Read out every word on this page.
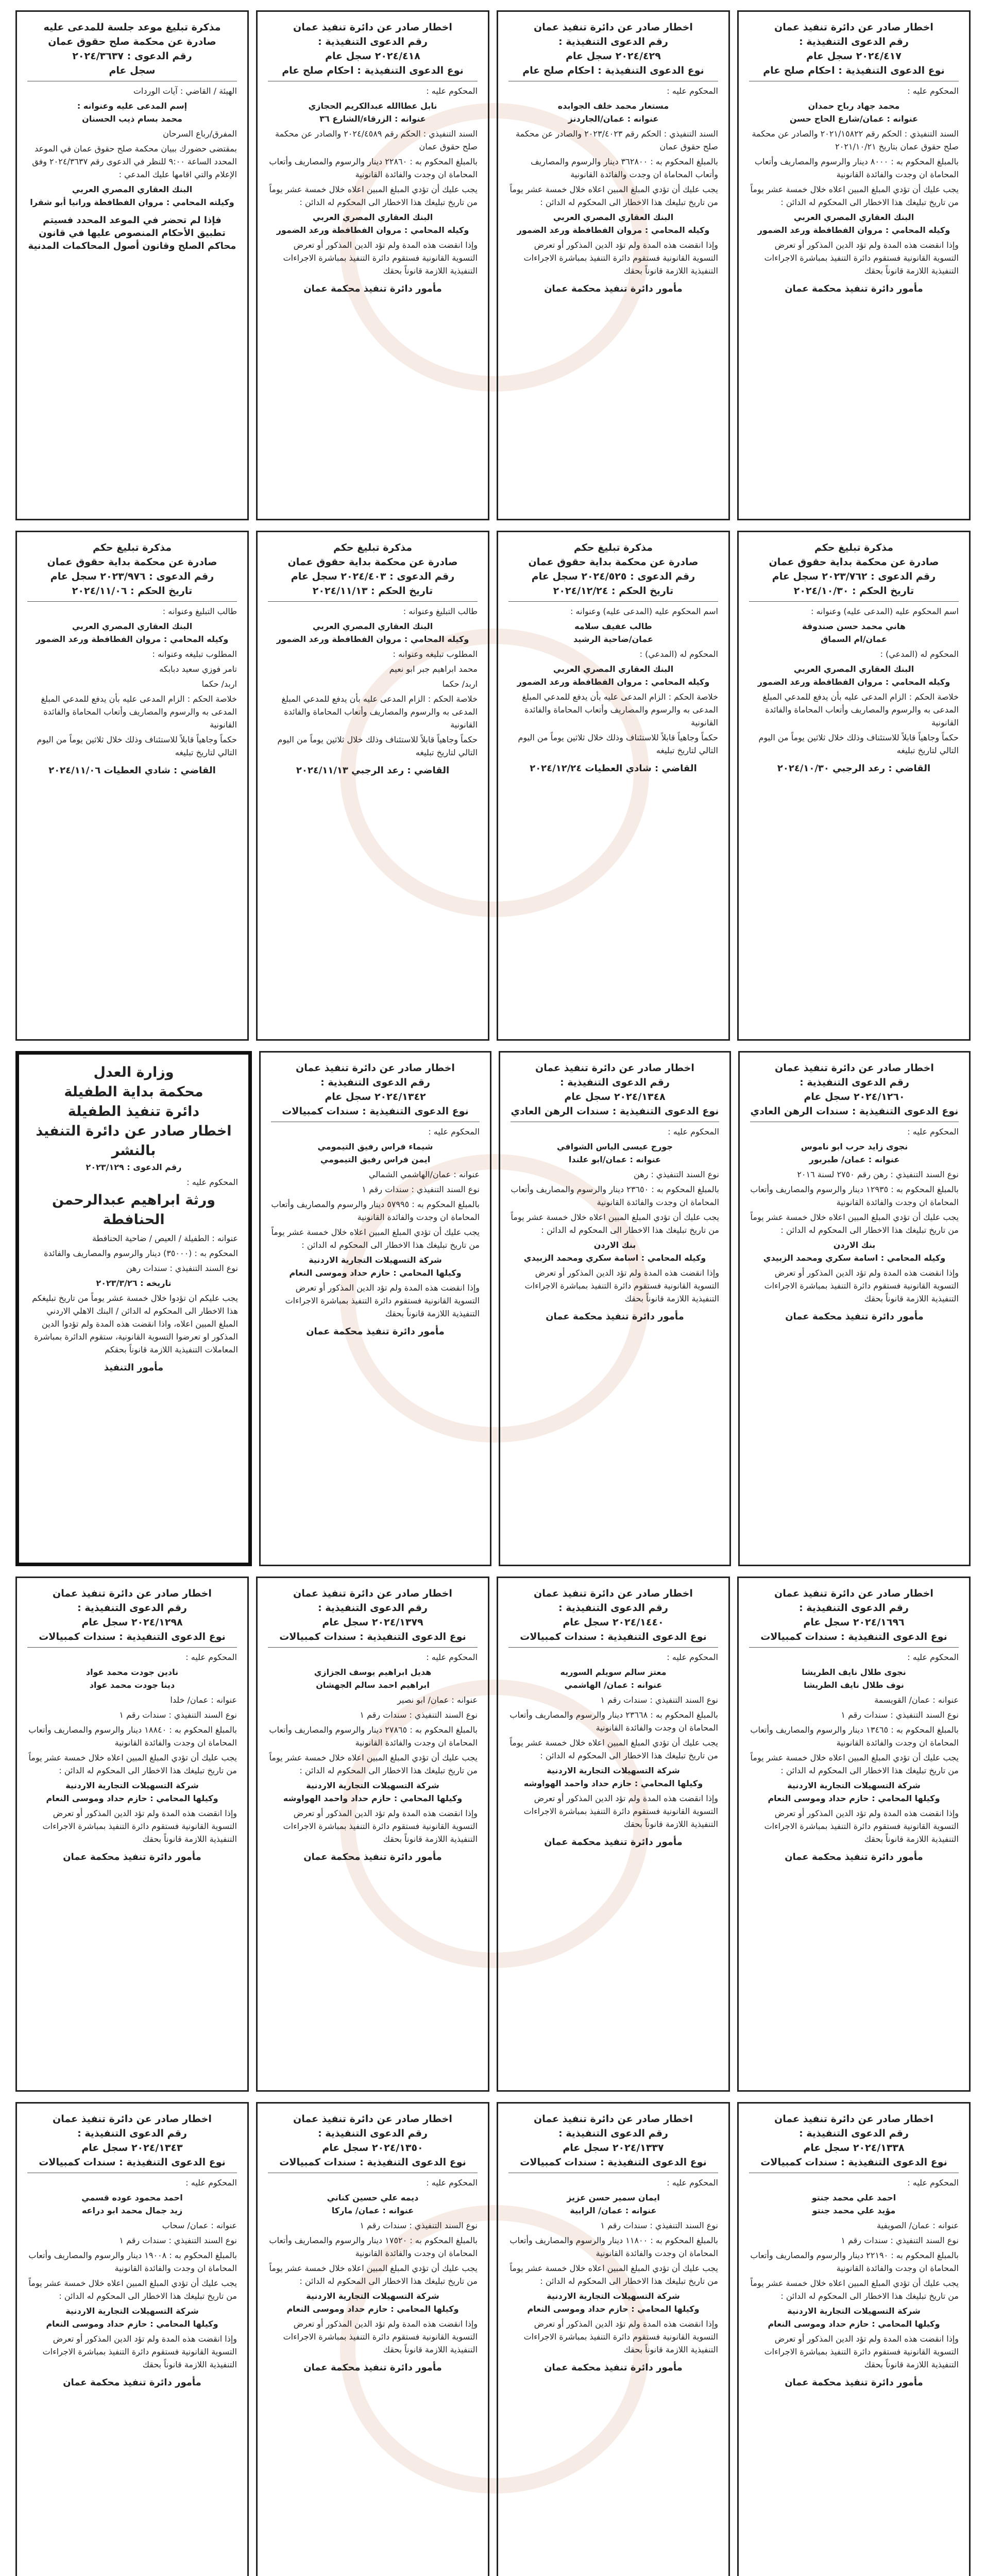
اخطار صادر عن دائرة تنفيذ عمان
رقم الدعوى التنفيذية :
٢٠٢٤/٤١٧ سجل عام
نوع الدعوى التنفيذية : احكام صلح عام
المحكوم عليه :
محمد جهاد رباح حمدان
عنوانه : عمان/شارع الحاج حسن
السند التنفيذي : الحكم رقم ٢٠٢١/١٥٨٢٢ والصادر عن محكمة صلح حقوق عمان بتاريخ ٢٠٢١/١٠/٢١
بالمبلغ المحكوم به : ٨٠٠٠ دينار والرسوم والمصاريف وأتعاب المحاماة ان وجدت والفائدة القانونية
يجب عليك أن تؤدي المبلغ المبين اعلاه خلال خمسة عشر يوماً من تاريخ تبليغك هذا الاخطار الى المحكوم له الدائن :
البنك العقاري المصري العربي
وكيله المحامي : مروان الفطافطة ورعد الضمور
وإذا انقضت هذه المدة ولم تؤد الدين المذكور أو تعرض التسوية القانونية فستقوم دائرة التنفيذ بمباشرة الاجراءات التنفيذية اللازمة قانوناً بحقك
مأمور دائرة تنفيذ محكمة عمان
اخطار صادر عن دائرة تنفيذ عمان
رقم الدعوى التنفيذية :
٢٠٢٤/٤٢٩ سجل عام
نوع الدعوى التنفيذية : احكام صلح عام
المحكوم عليه :
مستعار محمد خلف الجوابده
عنوانه : عمان/الجاردنز
السند التنفيذي : الحكم رقم ٢٠٢٣/٤٠٢٣ والصادر عن محكمة صلح حقوق عمان
بالمبلغ المحكوم به : ٣٦٢٨٠٠ دينار والرسوم والمصاريف وأتعاب المحاماة ان وجدت والفائدة القانونية
يجب عليك أن تؤدي المبلغ المبين اعلاه خلال خمسة عشر يوماً من تاريخ تبليغك هذا الاخطار الى المحكوم له الدائن :
البنك العقاري المصري العربي
وكيله المحامي : مروان الفطافطة ورعد الضمور
وإذا انقضت هذه المدة ولم تؤد الدين المذكور أو تعرض التسوية القانونية فستقوم دائرة التنفيذ بمباشرة الاجراءات التنفيذية اللازمة قانوناً بحقك
مأمور دائرة تنفيذ محكمة عمان
اخطار صادر عن دائرة تنفيذ عمان
رقم الدعوى التنفيذية :
٢٠٢٤/٤١٨ سجل عام
نوع الدعوى التنفيذية : احكام صلح عام
المحكوم عليه :
نابل عطاالله عبدالكريم الحجازي
عنوانه : الزرقاء/الشارع ٣٦
السند التنفيذي : الحكم رقم ٢٠٢٤/٤٥٨٩ والصادر عن محكمة صلح حقوق عمان
بالمبلغ المحكوم به : ٢٢٨٦٠ دينار والرسوم والمصاريف وأتعاب المحاماة ان وجدت والفائدة القانونية
يجب عليك أن تؤدي المبلغ المبين اعلاه خلال خمسة عشر يوماً من تاريخ تبليغك هذا الاخطار الى المحكوم له الدائن :
البنك العقاري المصري العربي
وكيله المحامي : مروان الفطافطة ورعد الضمور
وإذا انقضت هذه المدة ولم تؤد الدين المذكور أو تعرض التسوية القانونية فستقوم دائرة التنفيذ بمباشرة الاجراءات التنفيذية اللازمة قانوناً بحقك
مأمور دائرة تنفيذ محكمة عمان
مذكرة تبليغ موعد جلسة للمدعى عليه
صادرة عن محكمة صلح حقوق عمان
رقم الدعوى : ٢٠٢٤/٣٦٣٧
سجل عام
الهيئة / القاضي : آيات الوردات
إسم المدعى عليه وعنوانه :
محمد بسام ذيب الحسنان
المفرق/رباع السرحان
بمقتضى حضورك ببيان محكمة صلح حقوق عمان في الموعد المحدد الساعة ٩:٠٠ للنظر في الدعوى رقم ٢٠٢٤/٣٦٣٧ وفق الإعلام والتي اقامها عليك المدعي :
البنك العقاري المصري العربي
وكيلته المحامي : مروان الفطافطة ورانيا أبو شقرا
فإذا لم تحضر في الموعد المحدد فسيتم تطبيق الأحكام المنصوص عليها في قانون محاكم الصلح وقانون أصول المحاكمات المدنية
مذكرة تبليغ حكم
صادرة عن محكمة بداية حقوق عمان
رقم الدعوى : ٢٠٢٣/٧٦٢ سجل عام
تاريخ الحكم : ٢٠٢٤/١٠/٣٠
اسم المحكوم عليه (المدعى عليه) وعنوانه :
هاني محمد حسن صندوقة
عمان/ام السماق
المحكوم له (المدعي) :
البنك العقاري المصري العربي
وكيله المحامي : مروان الفطافطة ورعد الضمور
خلاصة الحكم : الزام المدعى عليه بأن يدفع للمدعي المبلغ المدعى به والرسوم والمصاريف وأتعاب المحاماة والفائدة القانونية
حكماً وجاهياً قابلاً للاستئناف وذلك خلال ثلاثين يوماً من اليوم التالي لتاريخ تبليغه
القاضي : رعد الرجبي ٢٠٢٤/١٠/٣٠
مذكرة تبليغ حكم
صادرة عن محكمة بداية حقوق عمان
رقم الدعوى : ٢٠٢٤/٥٢٥ سجل عام
تاريخ الحكم : ٢٠٢٤/١٢/٢٤
اسم المحكوم عليه (المدعى عليه) وعنوانه :
طالب عفيف سلامه
عمان/ضاحية الرشيد
المحكوم له (المدعي) :
البنك العقاري المصري العربي
وكيله المحامي : مروان الفطافطة ورعد الضمور
خلاصة الحكم : الزام المدعى عليه بأن يدفع للمدعي المبلغ المدعى به والرسوم والمصاريف وأتعاب المحاماة والفائدة القانونية
حكماً وجاهياً قابلاً للاستئناف وذلك خلال ثلاثين يوماً من اليوم التالي لتاريخ تبليغه
القاضي : شادي العطيات ٢٠٢٤/١٢/٢٤
مذكرة تبليغ حكم
صادرة عن محكمة بداية حقوق عمان
رقم الدعوى : ٢٠٢٤/٤٠٣ سجل عام
تاريخ الحكم : ٢٠٢٤/١١/١٣
طالب التبليغ وعنوانه :
البنك العقاري المصري العربي
وكيله المحامي : مروان الفطافطة ورعد الضمور
المطلوب تبليغه وعنوانه :
محمد ابراهيم جبر ابو نعيم
اربد/ حكما
خلاصة الحكم : الزام المدعى عليه بأن يدفع للمدعي المبلغ المدعى به والرسوم والمصاريف وأتعاب المحاماة والفائدة القانونية
حكماً وجاهياً قابلاً للاستئناف وذلك خلال ثلاثين يوماً من اليوم التالي لتاريخ تبليغه
القاضي : رعد الرجبي ٢٠٢٤/١١/١٣
مذكرة تبليغ حكم
صادرة عن محكمة بداية حقوق عمان
رقم الدعوى : ٢٠٢٣/٩٧٦ سجل عام
تاريخ الحكم : ٢٠٢٤/١١/٠٦
طالب التبليغ وعنوانه :
البنك العقاري المصري العربي
وكيله المحامي : مروان الفطافطة ورعد الضمور
المطلوب تبليغه وعنوانه :
تامر فوزي سعيد دبابكه
اربد/ حكما
خلاصة الحكم : الزام المدعى عليه بأن يدفع للمدعي المبلغ المدعى به والرسوم والمصاريف وأتعاب المحاماة والفائدة القانونية
حكماً وجاهياً قابلاً للاستئناف وذلك خلال ثلاثين يوماً من اليوم التالي لتاريخ تبليغه
القاضي : شادي العطيات ٢٠٢٤/١١/٠٦
اخطار صادر عن دائرة تنفيذ عمان
رقم الدعوى التنفيذية :
٢٠٢٤/١٢٦٠ سجل عام
نوع الدعوى التنفيذية : سندات الرهن العادي
المحكوم عليه :
نجوى زايد حرب ابو ناموس
عنوانه : عمان/ طبربور
نوع السند التنفيذي : رهن رقم ٢٧٥٠ لسنة ٢٠١٦
بالمبلغ المحكوم به : ١٢٩٣٥ دينار والرسوم والمصاريف وأتعاب المحاماة ان وجدت والفائدة القانونية
يجب عليك أن تؤدي المبلغ المبين اعلاه خلال خمسة عشر يوماً من تاريخ تبليغك هذا الاخطار الى المحكوم له الدائن :
بنك الاردن
وكيله المحامي : اسامة سكري ومحمد الزبيدي
وإذا انقضت هذه المدة ولم تؤد الدين المذكور أو تعرض التسوية القانونية فستقوم دائرة التنفيذ بمباشرة الاجراءات التنفيذية اللازمة قانوناً بحقك
مأمور دائرة تنفيذ محكمة عمان
اخطار صادر عن دائرة تنفيذ عمان
رقم الدعوى التنفيذية :
٢٠٢٤/١٣٤٨ سجل عام
نوع الدعوى التنفيذية : سندات الرهن العادي
المحكوم عليه :
جورج عيسى الياس الشوافي
عنوانه : عمان/ابو علندا
نوع السند التنفيذي : رهن
بالمبلغ المحكوم به : ٢٣٦٥٠ دينار والرسوم والمصاريف وأتعاب المحاماة ان وجدت والفائدة القانونية
يجب عليك أن تؤدي المبلغ المبين اعلاه خلال خمسة عشر يوماً من تاريخ تبليغك هذا الاخطار الى المحكوم له الدائن :
بنك الاردن
وكيله المحامي : اسامة سكري ومحمد الزبيدي
وإذا انقضت هذه المدة ولم تؤد الدين المذكور أو تعرض التسوية القانونية فستقوم دائرة التنفيذ بمباشرة الاجراءات التنفيذية اللازمة قانوناً بحقك
مأمور دائرة تنفيذ محكمة عمان
اخطار صادر عن دائرة تنفيذ عمان
رقم الدعوى التنفيذية :
٢٠٢٤/١٣٤٢ سجل عام
نوع الدعوى التنفيذية : سندات كمبيالات
المحكوم عليه :
شيماء فراس رفيق التيمومي
ايمن فراس رفيق التيمومي
عنوانه : عمان/الهاشمي الشمالي
نوع السند التنفيذي : سندات رقم ١
بالمبلغ المحكوم به : ٥٧٩٩٥ دينار والرسوم والمصاريف وأتعاب المحاماة ان وجدت والفائدة القانونية
يجب عليك أن تؤدي المبلغ المبين اعلاه خلال خمسة عشر يوماً من تاريخ تبليغك هذا الاخطار الى المحكوم له الدائن :
شركة التسهيلات التجارية الاردنية
وكيلها المحامي : حازم حداد وموسى النعام
وإذا انقضت هذه المدة ولم تؤد الدين المذكور أو تعرض التسوية القانونية فستقوم دائرة التنفيذ بمباشرة الاجراءات التنفيذية اللازمة قانوناً بحقك
مأمور دائرة تنفيذ محكمة عمان
وزارة العدل
محكمة بداية الطفيلة
دائرة تنفيذ الطفيلة
اخطار صادر عن دائرة التنفيذ بالنشر
رقم الدعوى : ٢٠٢٣/١٢٩
المحكوم عليه :
ورثة ابراهيم عبدالرحمن الحنافطة
عنوانه : الطفيلة / العيص / ضاحية الحنافطة
المحكوم به : (٣٥٠٠٠) دينار والرسوم والمصاريف والفائدة
نوع السند التنفيذي : سندات رهن
تاريخه : ٢٠٢٣/٣/٢٦
يجب عليكم ان تؤدوا خلال خمسة عشر يوماً من تاريخ تبليغكم هذا الاخطار الى المحكوم له الدائن / البنك الاهلي الاردني المبلغ المبين اعلاه، واذا انقضت هذه المدة ولم تؤدوا الدين المذكور او تعرضوا التسوية القانونية، ستقوم الدائرة بمباشرة المعاملات التنفيذية اللازمة قانوناً بحقكم
مأمور التنفيذ
اخطار صادر عن دائرة تنفيذ عمان
رقم الدعوى التنفيذية :
٢٠٢٤/١٦٩٦ سجل عام
نوع الدعوى التنفيذية : سندات كمبيالات
المحكوم عليه :
نجوى طلال نايف الطريشا
نوف طلال نايف الطريشا
عنوانه : عمان/ القويسمة
نوع السند التنفيذي : سندات رقم ١
بالمبلغ المحكوم به : ١٣٤٦٥ دينار والرسوم والمصاريف وأتعاب المحاماة ان وجدت والفائدة القانونية
يجب عليك أن تؤدي المبلغ المبين اعلاه خلال خمسة عشر يوماً من تاريخ تبليغك هذا الاخطار الى المحكوم له الدائن :
شركة التسهيلات التجارية الاردنية
وكيلها المحامي : حازم حداد وموسى النعام
وإذا انقضت هذه المدة ولم تؤد الدين المذكور أو تعرض التسوية القانونية فستقوم دائرة التنفيذ بمباشرة الاجراءات التنفيذية اللازمة قانوناً بحقك
مأمور دائرة تنفيذ محكمة عمان
اخطار صادر عن دائرة تنفيذ عمان
رقم الدعوى التنفيذية :
٢٠٢٤/١٤٤٠ سجل عام
نوع الدعوى التنفيذية : سندات كمبيالات
المحكوم عليه :
معتز سالم سويلم السوريه
عنوانه : عمان/ الهاشمي
نوع السند التنفيذي : سندات رقم ١
بالمبلغ المحكوم به : ٢٣٦٦٨ دينار والرسوم والمصاريف وأتعاب المحاماة ان وجدت والفائدة القانونية
يجب عليك أن تؤدي المبلغ المبين اعلاه خلال خمسة عشر يوماً من تاريخ تبليغك هذا الاخطار الى المحكوم له الدائن :
شركة التسهيلات التجارية الاردنية
وكيلها المحامي : حازم حداد واحمد الهواوشه
وإذا انقضت هذه المدة ولم تؤد الدين المذكور أو تعرض التسوية القانونية فستقوم دائرة التنفيذ بمباشرة الاجراءات التنفيذية اللازمة قانوناً بحقك
مأمور دائرة تنفيذ محكمة عمان
اخطار صادر عن دائرة تنفيذ عمان
رقم الدعوى التنفيذية :
٢٠٢٤/١٣٧٩ سجل عام
نوع الدعوى التنفيذية : سندات كمبيالات
المحكوم عليه :
هديل ابراهيم يوسف الجزازي
ابراهيم احمد سالم الجهشان
عنوانه : عمان/ ابو نصير
نوع السند التنفيذي : سندات رقم ١
بالمبلغ المحكوم به : ٢٧٨٦٥ دينار والرسوم والمصاريف وأتعاب المحاماة ان وجدت والفائدة القانونية
يجب عليك أن تؤدي المبلغ المبين اعلاه خلال خمسة عشر يوماً من تاريخ تبليغك هذا الاخطار الى المحكوم له الدائن :
شركة التسهيلات التجارية الاردنية
وكيلها المحامي : حازم حداد واحمد الهواوشه
وإذا انقضت هذه المدة ولم تؤد الدين المذكور أو تعرض التسوية القانونية فستقوم دائرة التنفيذ بمباشرة الاجراءات التنفيذية اللازمة قانوناً بحقك
مأمور دائرة تنفيذ محكمة عمان
اخطار صادر عن دائرة تنفيذ عمان
رقم الدعوى التنفيذية :
٢٠٢٤/١٢٩٨ سجل عام
نوع الدعوى التنفيذية : سندات كمبيالات
المحكوم عليه :
نادين جودت محمد عواد
دينا جودت محمد عواد
عنوانه : عمان/ خلدا
نوع السند التنفيذي : سندات رقم ١
بالمبلغ المحكوم به : ١٨٨٤٠ دينار والرسوم والمصاريف وأتعاب المحاماة ان وجدت والفائدة القانونية
يجب عليك أن تؤدي المبلغ المبين اعلاه خلال خمسة عشر يوماً من تاريخ تبليغك هذا الاخطار الى المحكوم له الدائن :
شركة التسهيلات التجارية الاردنية
وكيلها المحامي : حازم حداد وموسى النعام
وإذا انقضت هذه المدة ولم تؤد الدين المذكور أو تعرض التسوية القانونية فستقوم دائرة التنفيذ بمباشرة الاجراءات التنفيذية اللازمة قانوناً بحقك
مأمور دائرة تنفيذ محكمة عمان
اخطار صادر عن دائرة تنفيذ عمان
رقم الدعوى التنفيذية :
٢٠٢٤/١٣٣٨ سجل عام
نوع الدعوى التنفيذية : سندات كمبيالات
المحكوم عليه :
احمد علي محمد جنتو
مؤيد علي محمد جنتو
عنوانه : عمان/ الصويفية
نوع السند التنفيذي : سندات رقم ١
بالمبلغ المحكوم به : ٢٢١٩٠ دينار والرسوم والمصاريف وأتعاب المحاماة ان وجدت والفائدة القانونية
يجب عليك أن تؤدي المبلغ المبين اعلاه خلال خمسة عشر يوماً من تاريخ تبليغك هذا الاخطار الى المحكوم له الدائن :
شركة التسهيلات التجارية الاردنية
وكيلها المحامي : حازم حداد وموسى النعام
وإذا انقضت هذه المدة ولم تؤد الدين المذكور أو تعرض التسوية القانونية فستقوم دائرة التنفيذ بمباشرة الاجراءات التنفيذية اللازمة قانوناً بحقك
مأمور دائرة تنفيذ محكمة عمان
اخطار صادر عن دائرة تنفيذ عمان
رقم الدعوى التنفيذية :
٢٠٢٤/١٣٣٧ سجل عام
نوع الدعوى التنفيذية : سندات كمبيالات
المحكوم عليه :
ايمان سمير حسن عزيز
عنوانه : عمان/ الرابية
نوع السند التنفيذي : سندات رقم ١
بالمبلغ المحكوم به : ١١٨٠٠ دينار والرسوم والمصاريف وأتعاب المحاماة ان وجدت والفائدة القانونية
يجب عليك أن تؤدي المبلغ المبين اعلاه خلال خمسة عشر يوماً من تاريخ تبليغك هذا الاخطار الى المحكوم له الدائن :
شركة التسهيلات التجارية الاردنية
وكيلها المحامي : حازم حداد وموسى النعام
وإذا انقضت هذه المدة ولم تؤد الدين المذكور أو تعرض التسوية القانونية فستقوم دائرة التنفيذ بمباشرة الاجراءات التنفيذية اللازمة قانوناً بحقك
مأمور دائرة تنفيذ محكمة عمان
اخطار صادر عن دائرة تنفيذ عمان
رقم الدعوى التنفيذية :
٢٠٢٤/١٣٥٠ سجل عام
نوع الدعوى التنفيذية : سندات كمبيالات
المحكوم عليه :
ديمه علي حسين كناني
عنوانه : عمان/ ماركا
نوع السند التنفيذي : سندات رقم ١
بالمبلغ المحكوم به : ١٧٥٢٠ دينار والرسوم والمصاريف وأتعاب المحاماة ان وجدت والفائدة القانونية
يجب عليك أن تؤدي المبلغ المبين اعلاه خلال خمسة عشر يوماً من تاريخ تبليغك هذا الاخطار الى المحكوم له الدائن :
شركة التسهيلات التجارية الاردنية
وكيلها المحامي : حازم حداد وموسى النعام
وإذا انقضت هذه المدة ولم تؤد الدين المذكور أو تعرض التسوية القانونية فستقوم دائرة التنفيذ بمباشرة الاجراءات التنفيذية اللازمة قانوناً بحقك
مأمور دائرة تنفيذ محكمة عمان
اخطار صادر عن دائرة تنفيذ عمان
رقم الدعوى التنفيذية :
٢٠٢٤/١٣٤٣ سجل عام
نوع الدعوى التنفيذية : سندات كمبيالات
المحكوم عليه :
احمد محمود عوده قسمي
زيد جمال محمد ابو دراعه
عنوانه : عمان/ سحاب
نوع السند التنفيذي : سندات رقم ١
بالمبلغ المحكوم به : ١٩٠٠٨ دينار والرسوم والمصاريف وأتعاب المحاماة ان وجدت والفائدة القانونية
يجب عليك أن تؤدي المبلغ المبين اعلاه خلال خمسة عشر يوماً من تاريخ تبليغك هذا الاخطار الى المحكوم له الدائن :
شركة التسهيلات التجارية الاردنية
وكيلها المحامي : حازم حداد وموسى النعام
وإذا انقضت هذه المدة ولم تؤد الدين المذكور أو تعرض التسوية القانونية فستقوم دائرة التنفيذ بمباشرة الاجراءات التنفيذية اللازمة قانوناً بحقك
مأمور دائرة تنفيذ محكمة عمان
